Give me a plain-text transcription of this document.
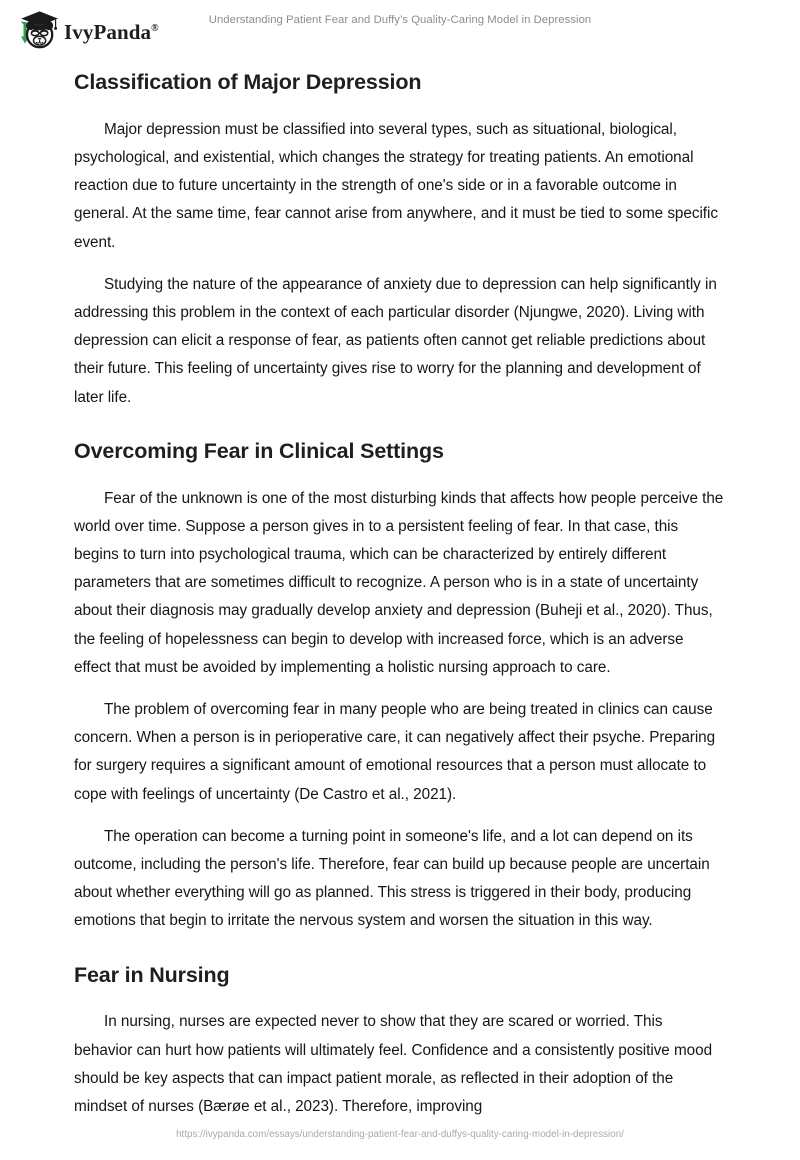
IvyPanda®
Understanding Patient Fear and Duffy’s Quality-Caring Model in Depression
Classification of Major Depression

Major depression must be classified into several types, such as situational, biological, psychological, and existential, which changes the strategy for treating patients. An emotional reaction due to future uncertainty in the strength of one's side or in a favorable outcome in general. At the same time, fear cannot arise from anywhere, and it must be tied to some specific event.

Studying the nature of the appearance of anxiety due to depression can help significantly in addressing this problem in the context of each particular disorder (Njungwe, 2020). Living with depression can elicit a response of fear, as patients often cannot get reliable predictions about their future. This feeling of uncertainty gives rise to worry for the planning and development of later life.

Overcoming Fear in Clinical Settings

Fear of the unknown is one of the most disturbing kinds that affects how people perceive the world over time. Suppose a person gives in to a persistent feeling of fear. In that case, this begins to turn into psychological trauma, which can be characterized by entirely different parameters that are sometimes difficult to recognize. A person who is in a state of uncertainty about their diagnosis may gradually develop anxiety and depression (Buheji et al., 2020). Thus, the feeling of hopelessness can begin to develop with increased force, which is an adverse effect that must be avoided by implementing a holistic nursing approach to care.

The problem of overcoming fear in many people who are being treated in clinics can cause concern. When a person is in perioperative care, it can negatively affect their psyche. Preparing for surgery requires a significant amount of emotional resources that a person must allocate to cope with feelings of uncertainty (De Castro et al., 2021).

The operation can become a turning point in someone's life, and a lot can depend on its outcome, including the person's life. Therefore, fear can build up because people are uncertain about whether everything will go as planned. This stress is triggered in their body, producing emotions that begin to irritate the nervous system and worsen the situation in this way.

Fear in Nursing

In nursing, nurses are expected never to show that they are scared or worried. This behavior can hurt how patients will ultimately feel. Confidence and a consistently positive mood should be key aspects that can impact patient morale, as reflected in their adoption of the mindset of nurses (Bærøe et al., 2023). Therefore, improving

https://ivypanda.com/essays/understanding-patient-fear-and-duffys-quality-caring-model-in-depression/
